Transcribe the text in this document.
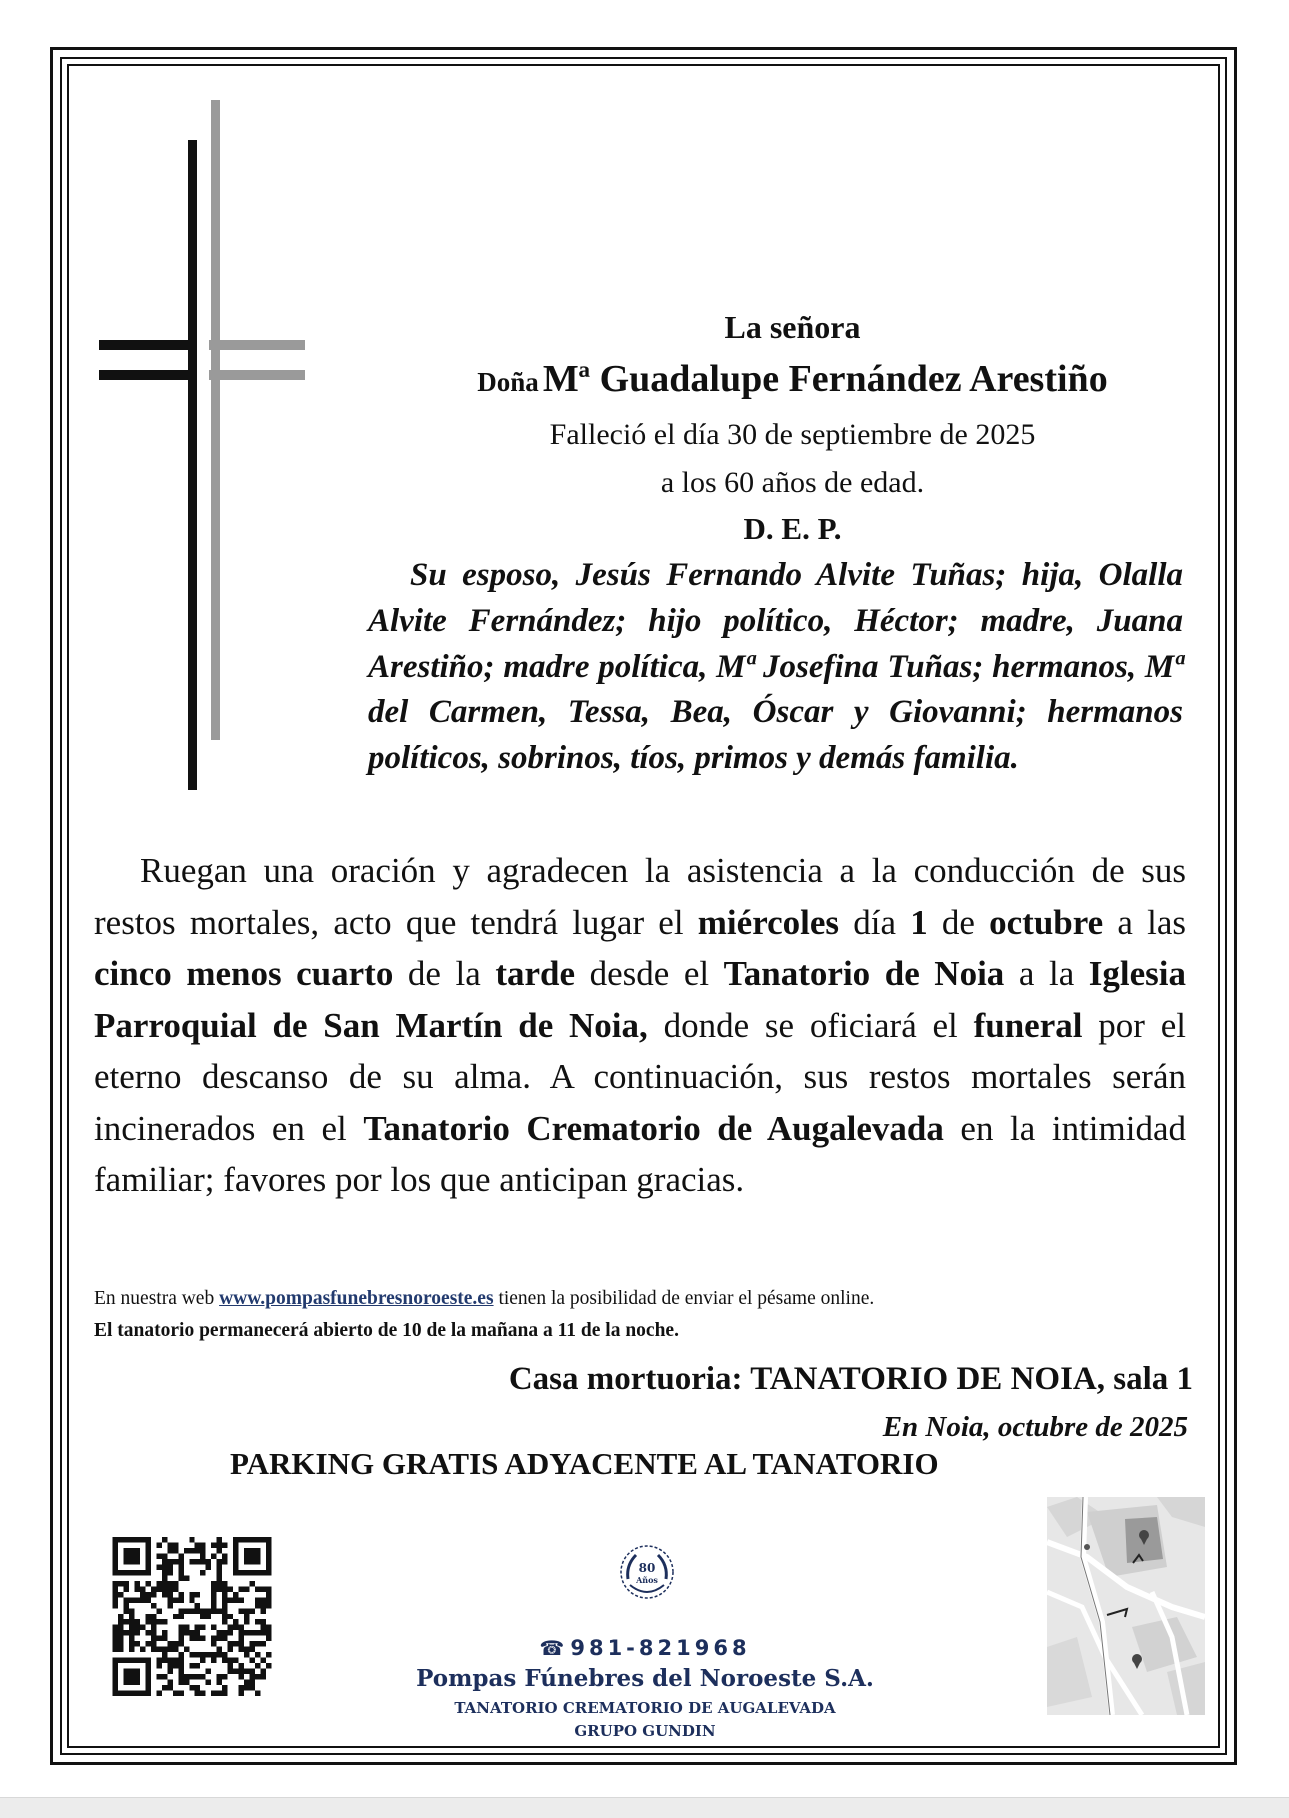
La señora
Doña Mª Guadalupe Fernández Arestiño
Falleció el día 30 de septiembre de 2025
a los 60 años de edad.
D. E. P.
Su esposo, Jesús Fernando Alvite Tuñas; hija, Olalla Alvite Fernández; hijo político, Héctor; madre, Juana Arestiño; madre política, Mª Josefina Tuñas; hermanos, Mª del Carmen, Tessa, Bea, Óscar y Giovanni; hermanos políticos, sobrinos, tíos, primos y demás familia.
Ruegan una oración y agradecen la asistencia a la conducción de sus restos mortales, acto que tendrá lugar el miércoles día 1 de octubre a las cinco menos cuarto de la tarde desde el Tanatorio de Noia a la Iglesia Parroquial de San Martín de Noia, donde se oficiará el funeral por el eterno descanso de su alma. A continuación, sus restos mortales serán incinerados en el Tanatorio Crematorio de Augalevada en la intimidad familiar; favores por los que anticipan gracias.
En nuestra web www.pompasfunebresnoroeste.es tienen la posibilidad de enviar el pésame online.
El tanatorio permanecerá abierto de 10 de la mañana a 11 de la noche.
Casa mortuoria: TANATORIO DE NOIA, sala 1
En Noia, octubre de 2025
PARKING GRATIS ADYACENTE AL TANATORIO
80
Años
☎ 981-821968
Pompas Fúnebres del Noroeste S.A.
TANATORIO CREMATORIO DE AUGALEVADA
GRUPO GUNDIN
